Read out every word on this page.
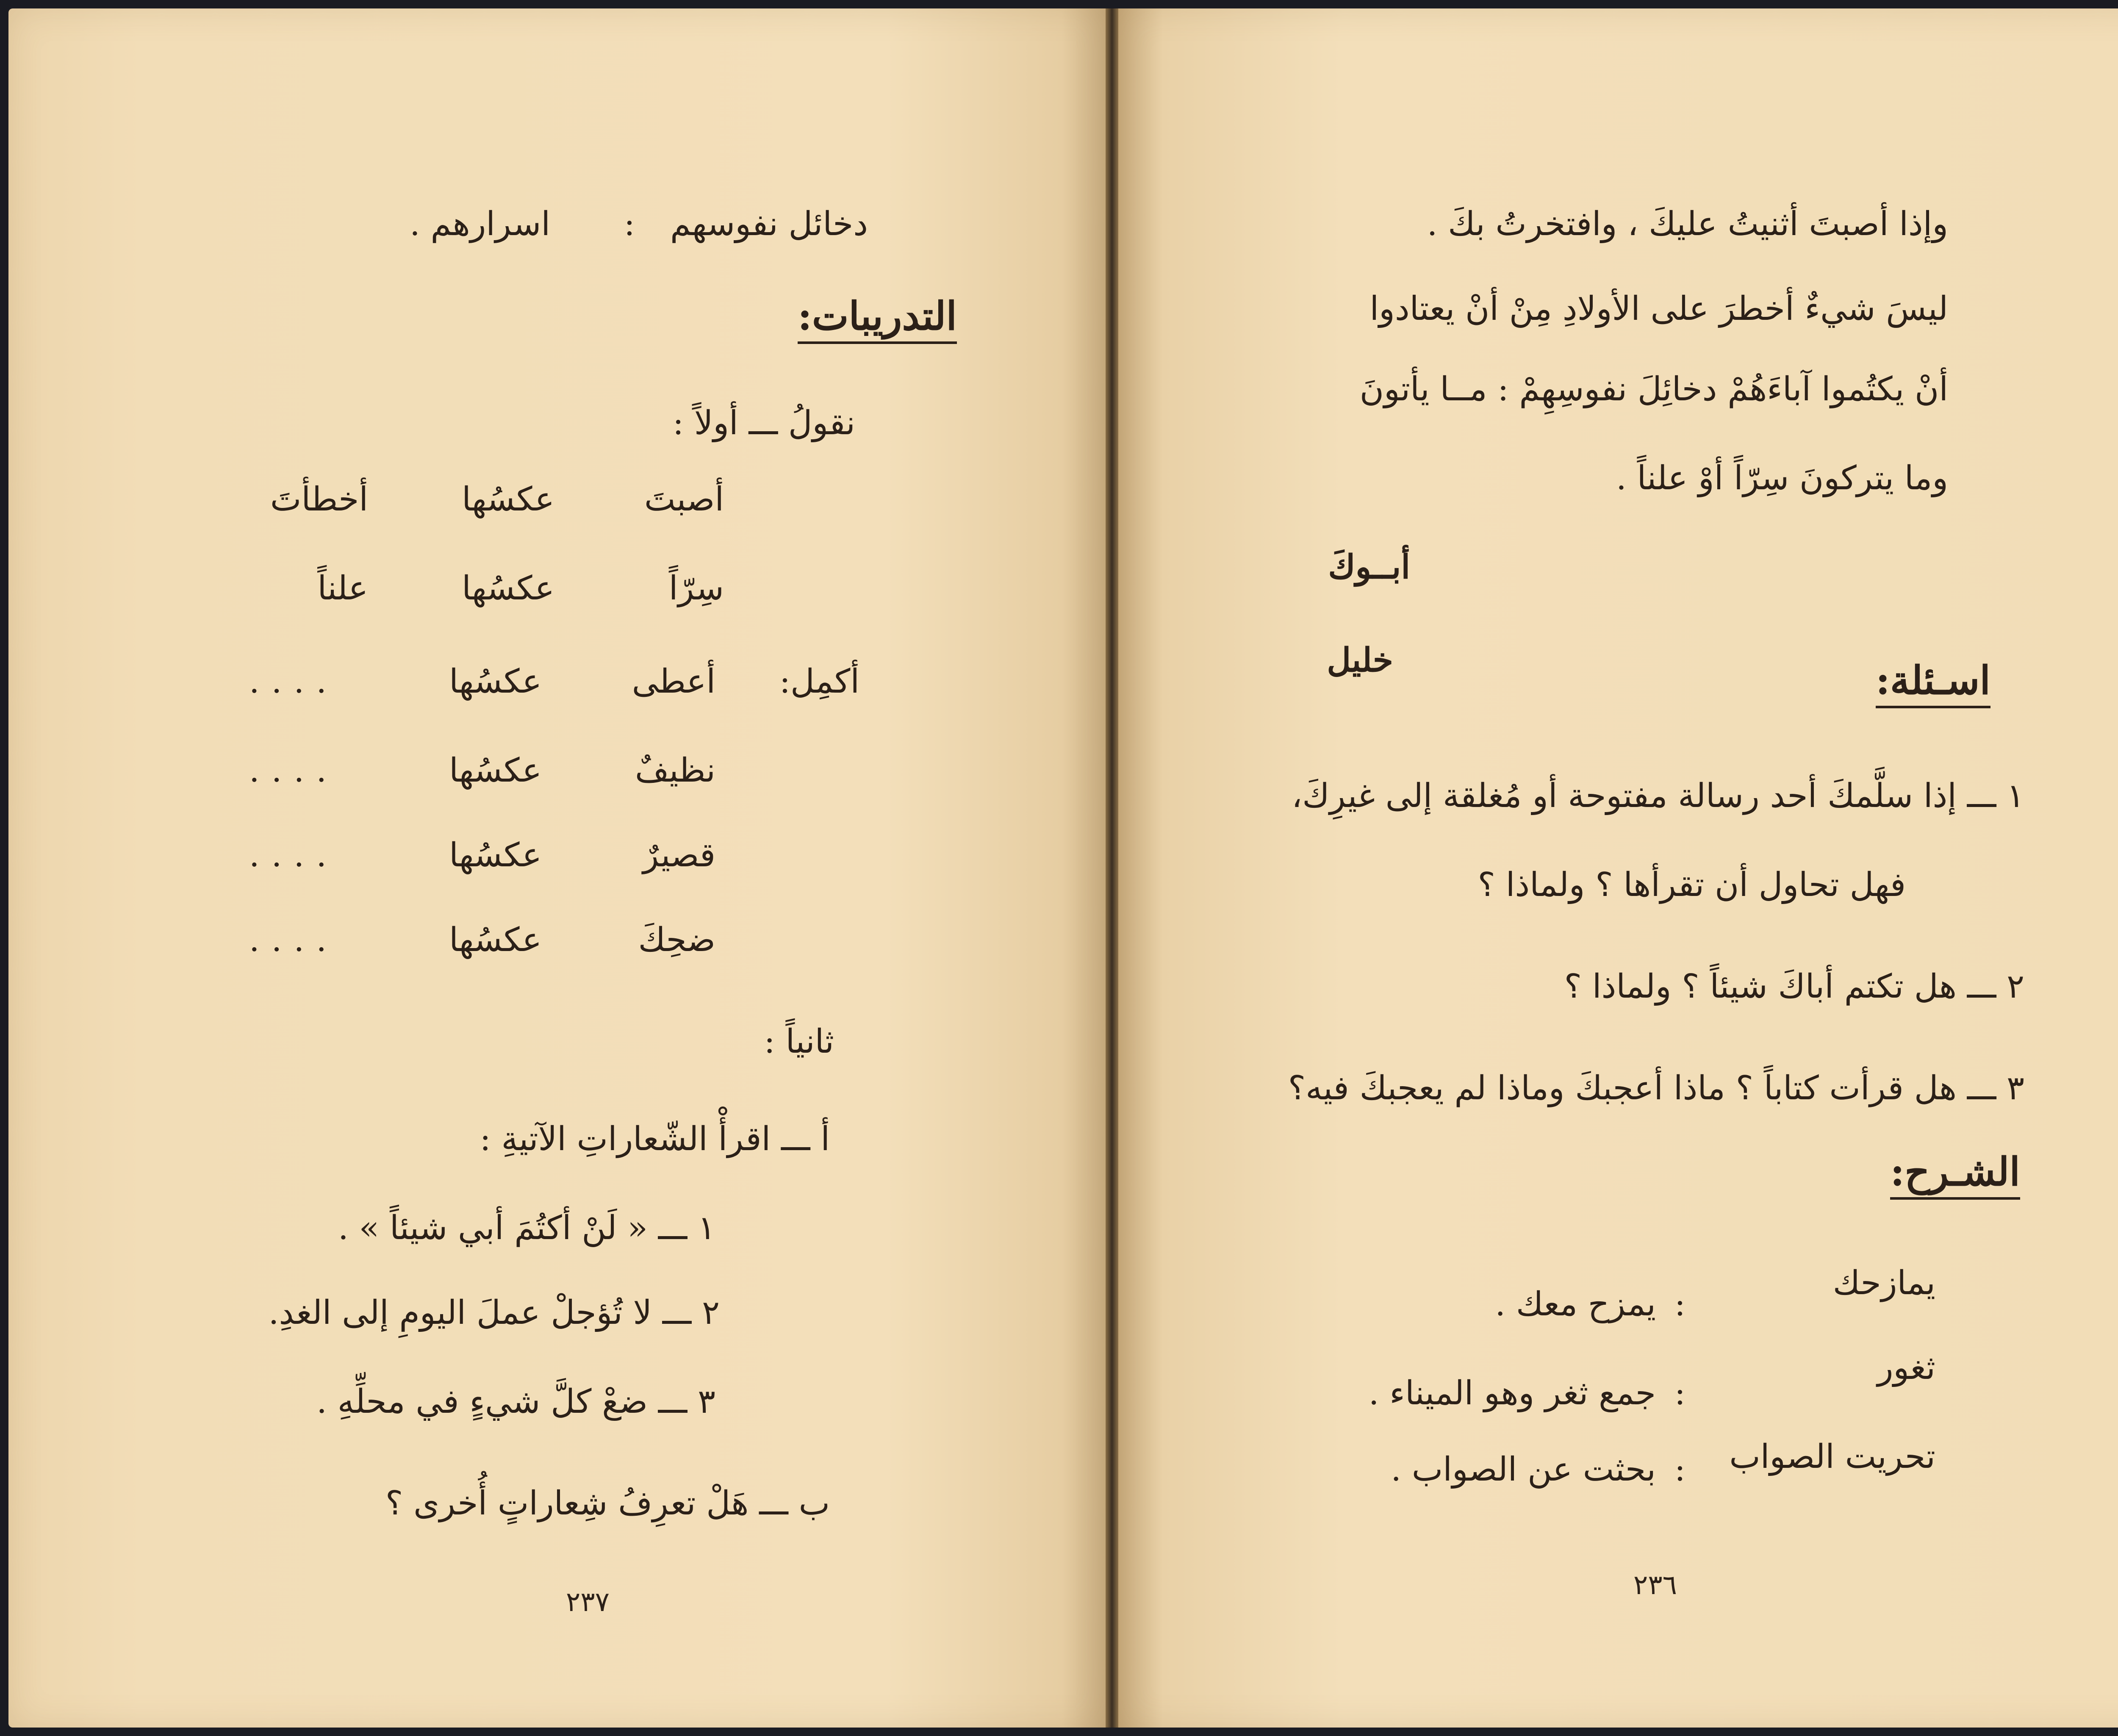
دخائل نفوسهم
:
اسرارهم .
التدريبات:
نقولُ ـــ أولاً :
أصبتَ
عكسُها
أخطأتَ
سِرّاً
عكسُها
علناً
أكمِل:
أعطى
عكسُها
....
نظيفٌ
عكسُها
....
قصيرٌ
عكسُها
....
ضحِكَ
عكسُها
....
ثانياً :
أ ـــ اقرأْ الشّعاراتِ الآتيةِ :
١ ـــ « لَنْ أكتُمَ أبي شيئاً » .
٢ ـــ لا تُؤجلْ عملَ اليومِ إلى الغدِ.
٣ ـــ ضعْ كلَّ شيءٍ في محلِّهِ .
ب ـــ هَلْ تعرِفُ شِعاراتٍ أُخرى ؟
٢٣٧
وإذا أصبتَ أثنيتُ عليكَ ، وافتخرتُ بكَ .
ليسَ شيءٌ أخطرَ على الأولادِ مِنْ أنْ يعتادوا
أنْ يكتُموا آباءَهُمْ دخائِلَ نفوسِهِمْ : مــا يأتونَ
وما يتركونَ سِرّاً أوْ علناً .
أبــوكَ
خليل	اسـئلة:
١ ـــ إذا سلَّمكَ أحد رسالة مفتوحة أو مُغلقة إلى غيرِكَ،
فهل تحاول أن تقرأها ؟ ولماذا ؟
٢ ـــ هل تكتم أباكَ شيئاً ؟ ولماذا ؟
٣ ـــ هل قرأت كتاباً ؟ ماذا أعجبكَ وماذا لم يعجبكَ فيه؟
الشـرح:
يمازحك
:
يمزح معك .
ثغور
:
جمع ثغر وهو الميناء .
تحريت الصواب
:
بحثت عن الصواب .
٢٣٦
